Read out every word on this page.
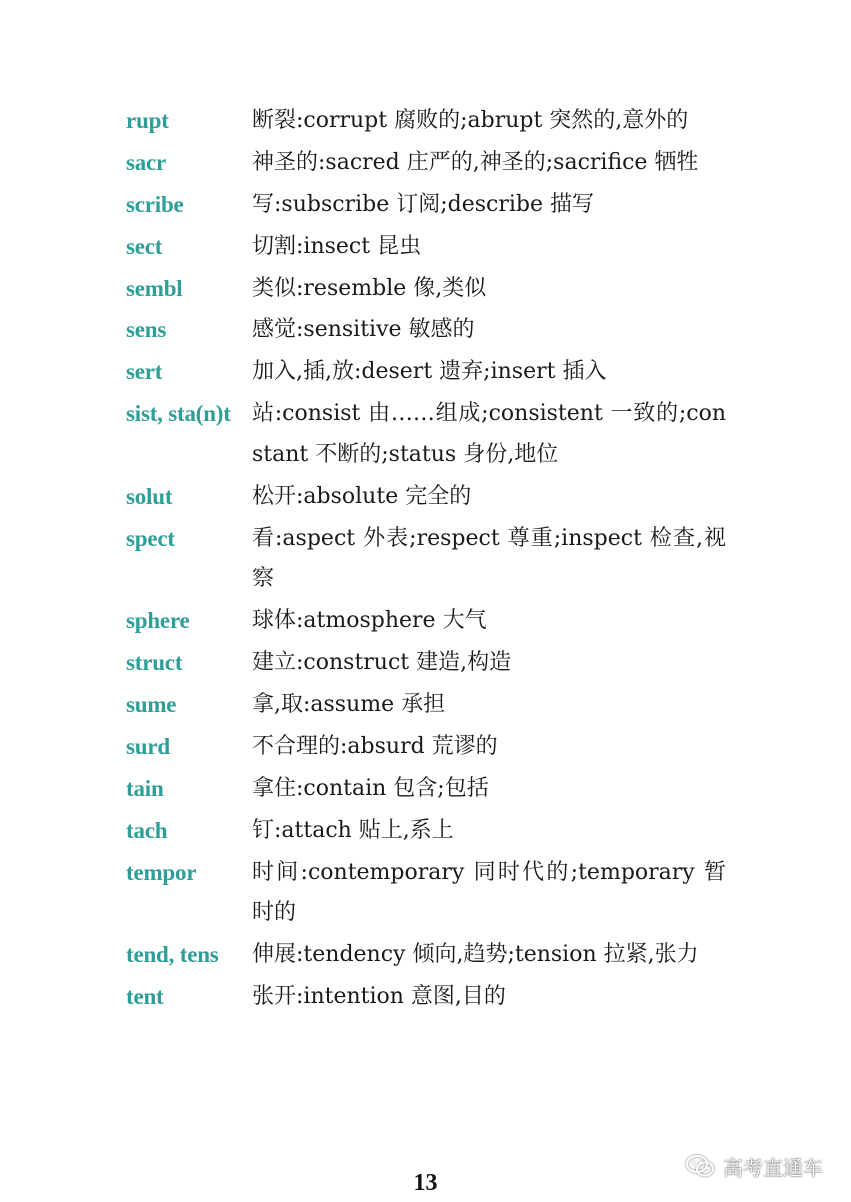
rupt	断裂:corrupt 腐败的;abrupt 突然的,意外的
sacr	神圣的:sacred 庄严的,神圣的;sacrifice 牺牲
scribe	写:subscribe 订阅;describe 描写
sect	切割:insect 昆虫
sembl	类似:resemble 像,类似
sens	感觉:sensitive 敏感的
sert	加入,插,放:desert 遗弃;insert 插入
sist, sta(n)t 站:consist 由……组成;consistent 一致的;constant 不断的;status 身份,地位
solut	松开:absolute 完全的
spect	看:aspect 外表;respect 尊重;inspect 检查,视察
sphere	球体:atmosphere 大气
struct	建立:construct 建造,构造
sume	拿,取:assume 承担
surd	不合理的:absurd 荒谬的
tain	拿住:contain 包含;包括
tach	钉:attach 贴上,系上
tempor	时间:contemporary 同时代的;temporary 暂时的
tend, tens	伸展:tendency 倾向,趋势;tension 拉紧,张力
tent	张开:intention 意图,目的
13
高考直通车
